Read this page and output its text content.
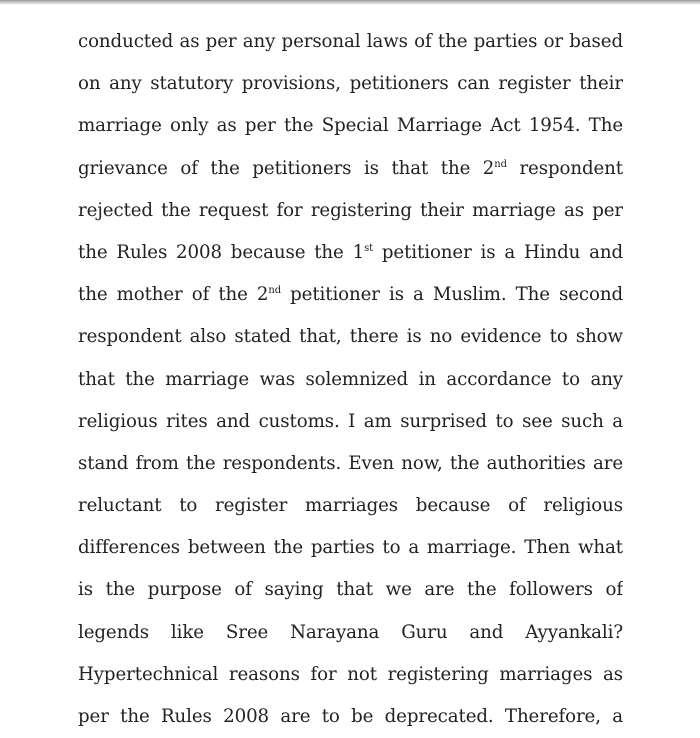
conducted as per any personal laws of the parties or based
on any statutory provisions, petitioners can register their
marriage only as per the Special Marriage Act 1954. The
grievance of the petitioners is that the 2nd respondent
rejected the request for registering their marriage as per
the Rules 2008 because the 1st petitioner is a Hindu and
the mother of the 2nd petitioner is a Muslim. The second
respondent also stated that, there is no evidence to show
that the marriage was solemnized in accordance to any
religious rites and customs. I am surprised to see such a
stand from the respondents. Even now, the authorities are
reluctant to register marriages because of religious
differences between the parties to a marriage. Then what
is the purpose of saying that we are the followers of
legends like Sree Narayana Guru and Ayyankali?
Hypertechnical reasons for not registering marriages as
per the Rules 2008 are to be deprecated. Therefore, a
